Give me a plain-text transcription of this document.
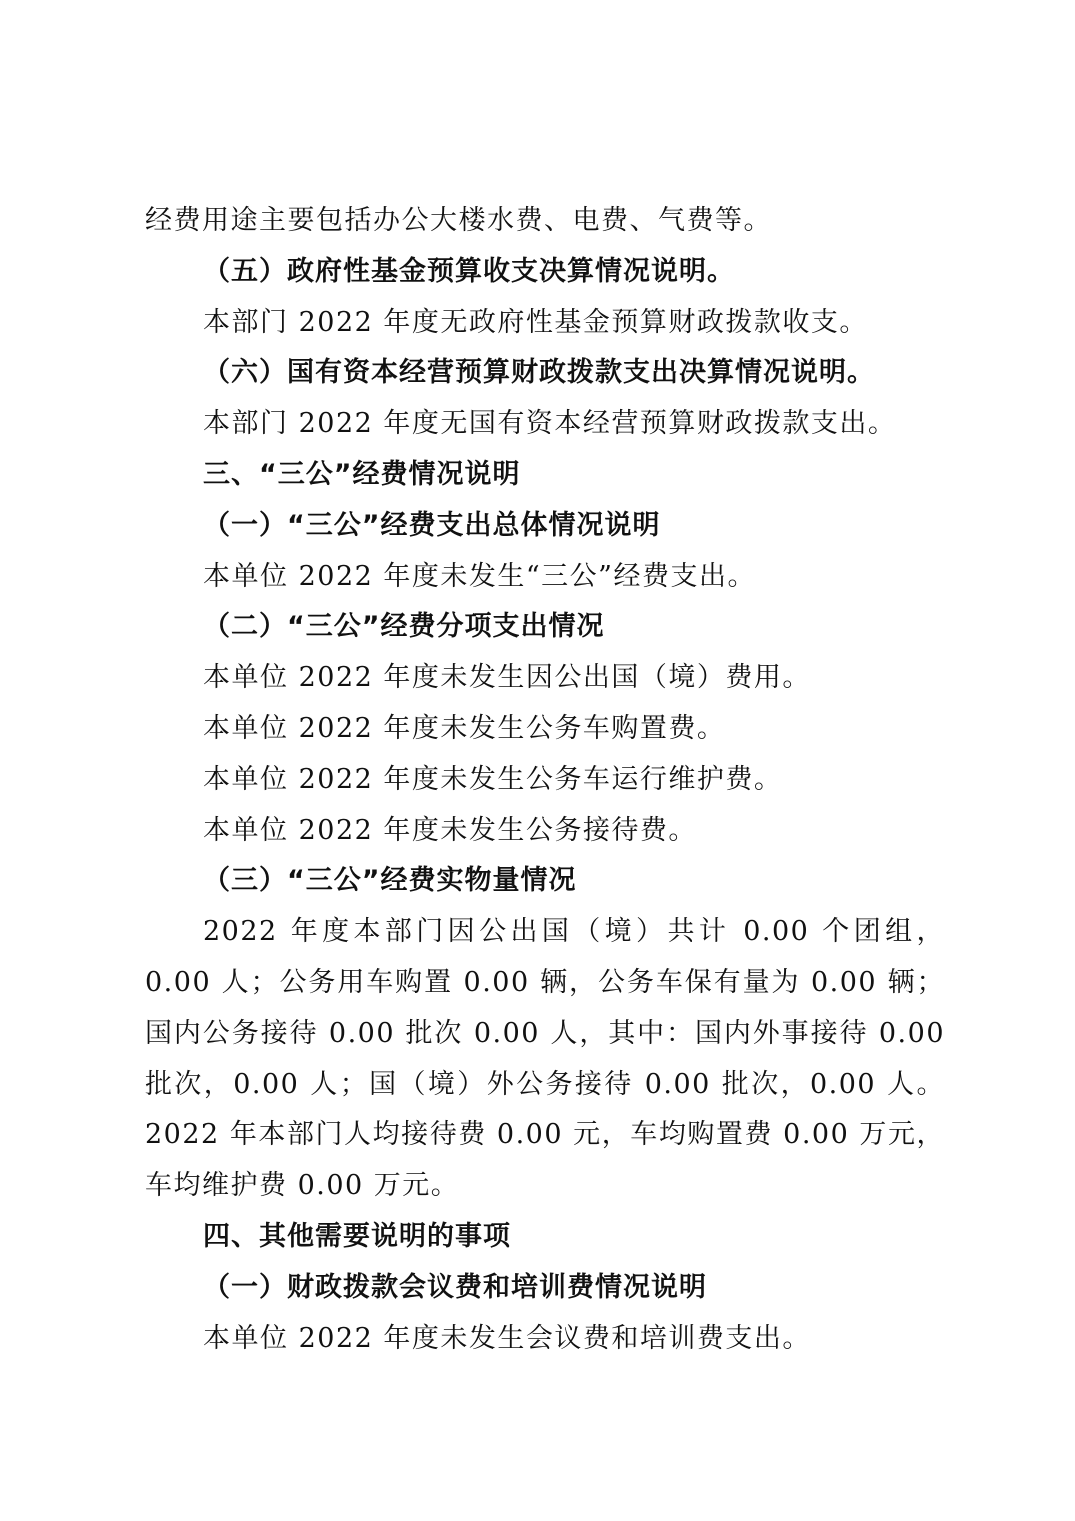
经费用途主要包括办公大楼水费、电费、气费等。
（五）政府性基金预算收支决算情况说明。
本部门 2022 年度无政府性基金预算财政拨款收支。
（六）国有资本经营预算财政拨款支出决算情况说明。
本部门 2022 年度无国有资本经营预算财政拨款支出。
三、“三公”经费情况说明
（一）“三公”经费支出总体情况说明
本单位 2022 年度未发生“三公”经费支出。
（二）“三公”经费分项支出情况
本单位 2022 年度未发生因公出国（境）费用。
本单位 2022 年度未发生公务车购置费。
本单位 2022 年度未发生公务车运行维护费。
本单位 2022 年度未发生公务接待费。
（三）“三公”经费实物量情况

2022 年度本部门因公出国（境）共计 0.00 个团组，0.00 人；公务用车购置 0.00 辆，公务车保有量为 0.00 辆；国内公务接待 0.00 批次 0.00 人，其中：国内外事接待 0.00 批次，0.00 人；国（境）外公务接待 0.00 批次，0.00 人。2022 年本部门人均接待费 0.00 元，车均购置费 0.00 万元，车均维护费 0.00 万元。

四、其他需要说明的事项
（一）财政拨款会议费和培训费情况说明
本单位 2022 年度未发生会议费和培训费支出。
